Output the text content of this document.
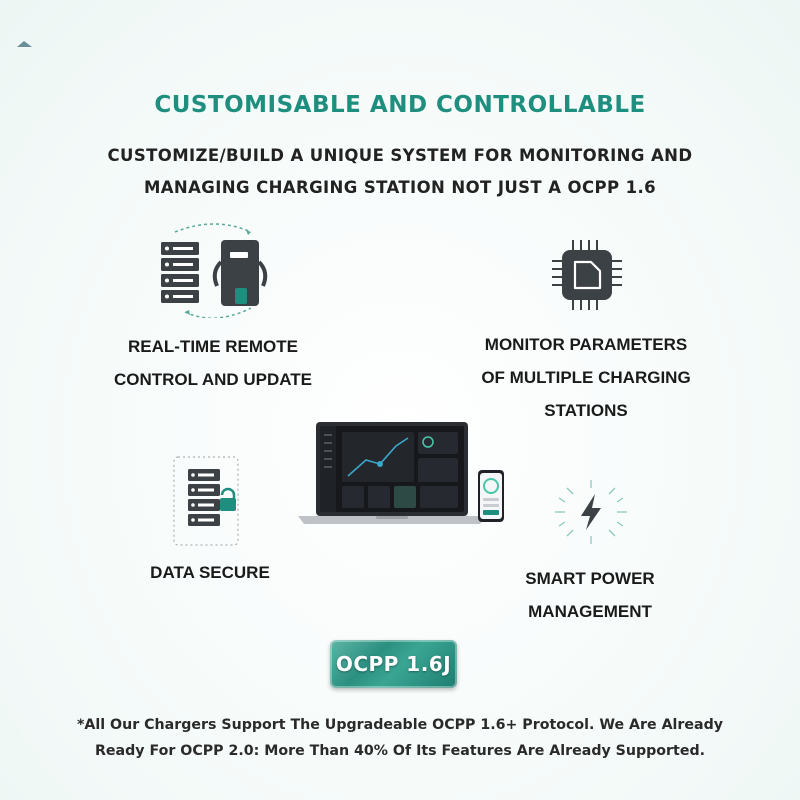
CUSTOMISABLE AND CONTROLLABLE
CUSTOMIZE/BUILD A UNIQUE SYSTEM FOR MONITORING AND
MANAGING CHARGING STATION NOT JUST A OCPP 1.6
REAL-TIME REMOTE
CONTROL AND UPDATE
MONITOR PARAMETERS
OF MULTIPLE CHARGING
STATIONS
DATA SECURE	SMART POWER
MANAGEMENT
OCPP 1.6J
*All Our Chargers Support The Upgradeable OCPP 1.6+ Protocol. We Are Already
Ready For OCPP 2.0: More Than 40% Of Its Features Are Already Supported.
